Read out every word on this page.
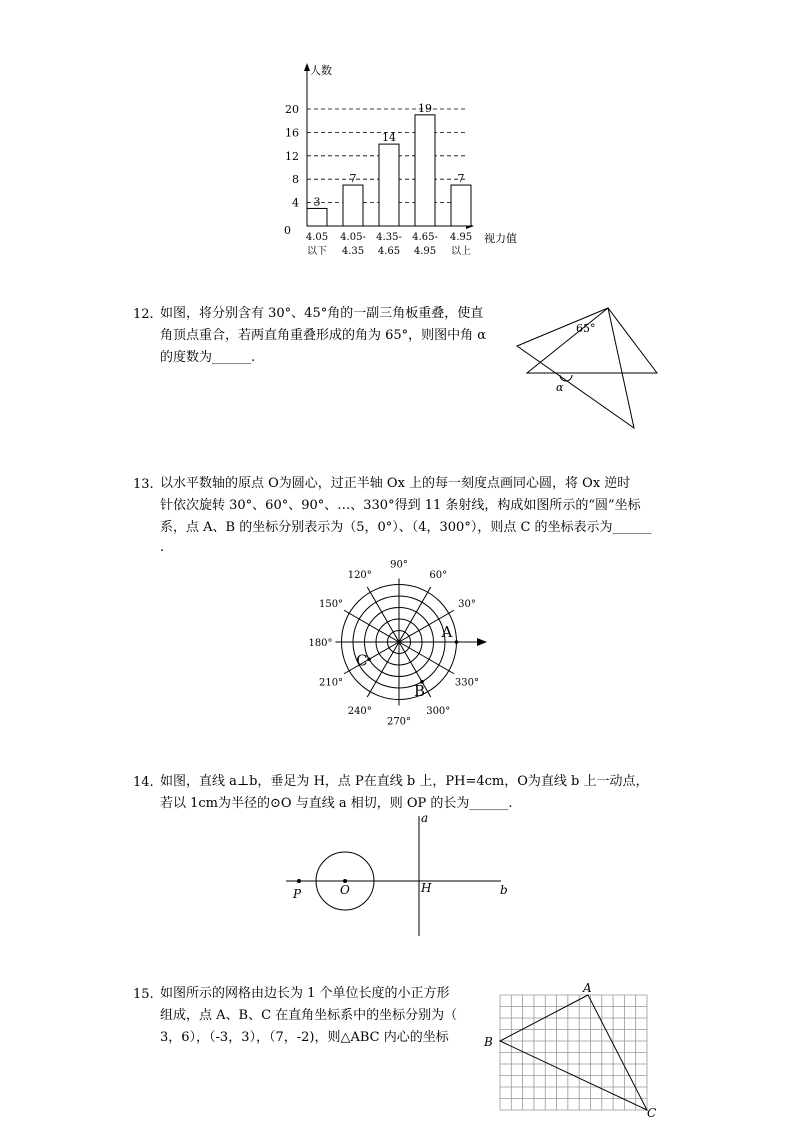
人数
视力值
0
4
8
12
16
20
3
4.05
以下
7
4.05-
4.35
14
4.35-
4.65
19
4.65-
4.95
7
4.95
以上
12. 如图，将分别含有 30°、45°角的一副三角板重叠，使直
角顶点重合，若两直角重叠形成的角为 65°，则图中角 α
的度数为______.
65°
α
13. 以水平数轴的原点 O为圆心，过正半轴 Ox 上的每一刻度点画同心圆，将 Ox 逆时
针依次旋转 30°、60°、90°、…、330°得到 11 条射线，构成如图所示的“圆”坐标
系，点 A、B 的坐标分别表示为（5，0°）、（4，300°），则点 C 的坐标表示为______
.
90°
60°
30°
120°
150°
180°
210°
240°
270°
300°
330°
A
B
C
14. 如图，直线 a⊥b，垂足为 H，点 P在直线 b 上，PH=4cm，O为直线 b 上一动点，
若以 1cm为半径的⊙O 与直线 a 相切，则 OP 的长为______.
a
b
P	O	H
15. 如图所示的网格由边长为 1 个单位长度的小正方形
组成，点 A、B、C 在直角坐标系中的坐标分别为（
3，6），（-3，3），（7，-2)，则△ABC 内心的坐标
A
B
C
